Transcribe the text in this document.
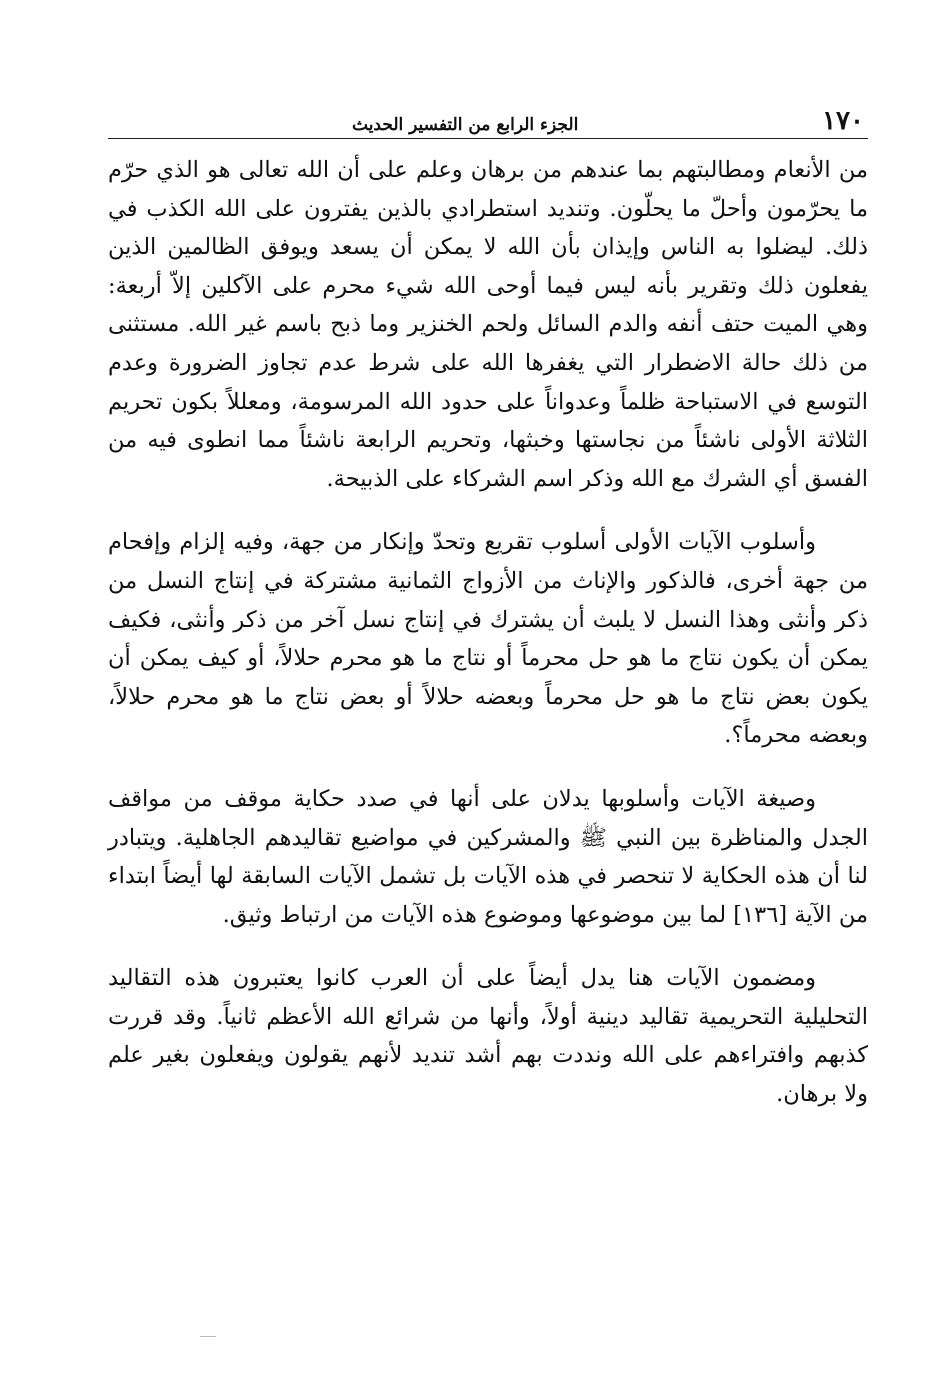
١٧٠
الجزء الرابع من التفسير الحديث

من الأنعام ومطالبتهم بما عندهم من برهان وعلم على أن الله تعالى هو الذي حرّم ما يحرّمون وأحلّ ما يحلّون. وتنديد استطرادي بالذين يفترون على الله الكذب في ذلك. ليضلوا به الناس وإيذان بأن الله لا يمكن أن يسعد ويوفق الظالمين الذين يفعلون ذلك وتقرير بأنه ليس فيما أوحى الله شيء محرم على الآكلين إلاّ أربعة: وهي الميت حتف أنفه والدم السائل ولحم الخنزير وما ذبح باسم غير الله. مستثنى من ذلك حالة الاضطرار التي يغفرها الله على شرط عدم تجاوز الضرورة وعدم التوسع في الاستباحة ظلماً وعدواناً على حدود الله المرسومة، ومعللاً بكون تحريم الثلاثة الأولى ناشئاً من نجاستها وخبثها، وتحريم الرابعة ناشئاً مما انطوى فيه من الفسق أي الشرك مع الله وذكر اسم الشركاء على الذبيحة.

وأسلوب الآيات الأولى أسلوب تقريع وتحدّ وإنكار من جهة، وفيه إلزام وإفحام من جهة أخرى، فالذكور والإناث من الأزواج الثمانية مشتركة في إنتاج النسل من ذكر وأنثى وهذا النسل لا يلبث أن يشترك في إنتاج نسل آخر من ذكر وأنثى، فكيف يمكن أن يكون نتاج ما هو حل محرماً أو نتاج ما هو محرم حلالاً، أو كيف يمكن أن يكون بعض نتاج ما هو حل محرماً وبعضه حلالاً أو بعض نتاج ما هو محرم حلالاً، وبعضه محرماً؟.

وصيغة الآيات وأسلوبها يدلان على أنها في صدد حكاية موقف من مواقف الجدل والمناظرة بين النبي ﷺ والمشركين في مواضيع تقاليدهم الجاهلية. ويتبادر لنا أن هذه الحكاية لا تنحصر في هذه الآيات بل تشمل الآيات السابقة لها أيضاً ابتداء من الآية [١٣٦] لما بين موضوعها وموضوع هذه الآيات من ارتباط وثيق.

ومضمون الآيات هنا يدل أيضاً على أن العرب كانوا يعتبرون هذه التقاليد التحليلية التحريمية تقاليد دينية أولاً، وأنها من شرائع الله الأعظم ثانياً. وقد قررت كذبهم وافتراءهم على الله ونددت بهم أشد تنديد لأنهم يقولون ويفعلون بغير علم ولا برهان.
